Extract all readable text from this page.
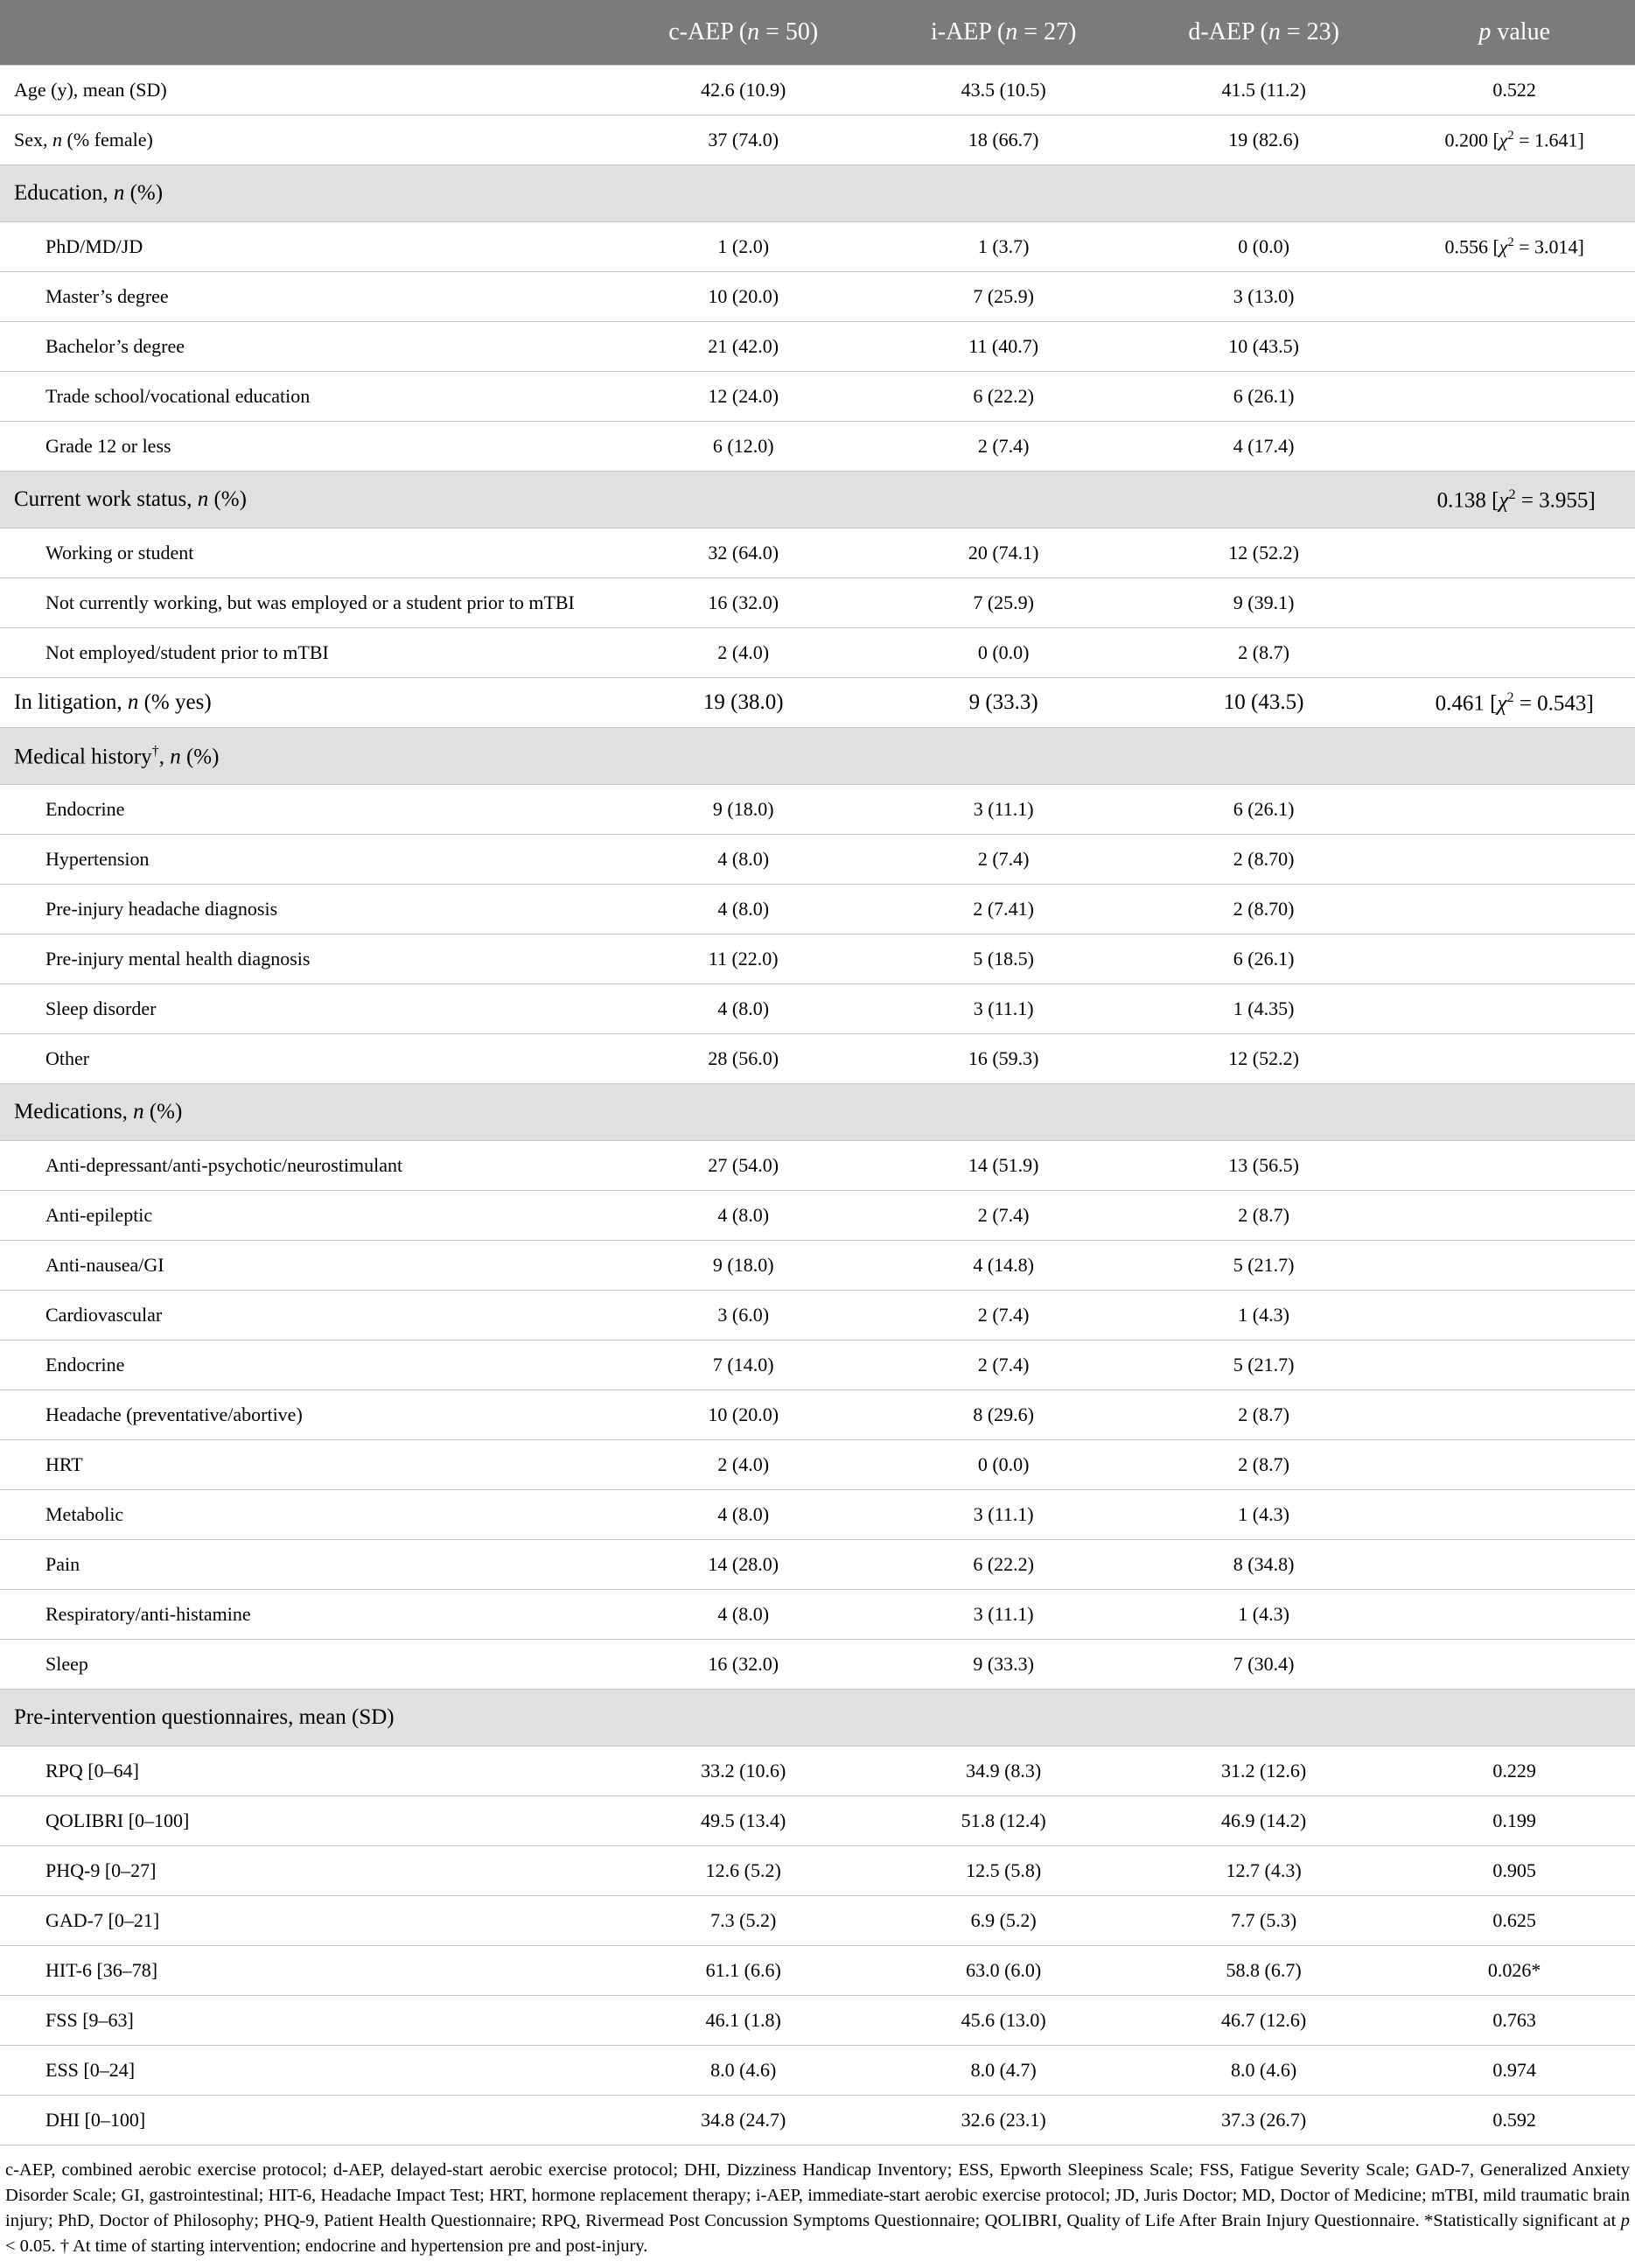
	c-AEP (n = 50)	i-AEP (n = 27)	d-AEP (n = 23)	p value
Age (y), mean (SD)	42.6 (10.9)	43.5 (10.5)	41.5 (11.2)	0.522
Sex, n (% female)	37 (74.0)	18 (66.7)	19 (82.6)	0.200 $[\chi^2 = 1.641]$
Education, n (%)				
PhD/MD/JD	1 (2.0)	1 (3.7)	0 (0.0)	0.556 $[\chi^2 = 3.014]$
Master’s degree	10 (20.0)	7 (25.9)	3 (13.0)	
Bachelor’s degree	21 (42.0)	11 (40.7)	10 (43.5)	
Trade school/vocational education	12 (24.0)	6 (22.2)	6 (26.1)	
Grade 12 or less	6 (12.0)	2 (7.4)	4 (17.4)	
Current work status, n (%)				0.138 $[\chi^2 = 3.955]$
Working or student	32 (64.0)	20 (74.1)	12 (52.2)	
Not currently working, but was employed or a student prior to mTBI	16 (32.0)	7 (25.9)	9 (39.1)	
Not employed/student prior to mTBI	2 (4.0)	0 (0.0)	2 (8.7)	
In litigation, n (% yes)	19 (38.0)	9 (33.3)	10 (43.5)	0.461 $[\chi^2 = 0.543]$
Medical history†, n (%)				
Endocrine	9 (18.0)	3 (11.1)	6 (26.1)	
Hypertension	4 (8.0)	2 (7.4)	2 (8.70)	
Pre-injury headache diagnosis	4 (8.0)	2 (7.41)	2 (8.70)	
Pre-injury mental health diagnosis	11 (22.0)	5 (18.5)	6 (26.1)	
Sleep disorder	4 (8.0)	3 (11.1)	1 (4.35)	
Other	28 (56.0)	16 (59.3)	12 (52.2)	
Medications, n (%)				
Anti-depressant/anti-psychotic/neurostimulant	27 (54.0)	14 (51.9)	13 (56.5)	
Anti-epileptic	4 (8.0)	2 (7.4)	2 (8.7)	
Anti-nausea/GI	9 (18.0)	4 (14.8)	5 (21.7)	
Cardiovascular	3 (6.0)	2 (7.4)	1 (4.3)	
Endocrine	7 (14.0)	2 (7.4)	5 (21.7)	
Headache (preventative/abortive)	10 (20.0)	8 (29.6)	2 (8.7)	
HRT	2 (4.0)	0 (0.0)	2 (8.7)	
Metabolic	4 (8.0)	3 (11.1)	1 (4.3)	
Pain	14 (28.0)	6 (22.2)	8 (34.8)	
Respiratory/anti-histamine	4 (8.0)	3 (11.1)	1 (4.3)	
Sleep	16 (32.0)	9 (33.3)	7 (30.4)	
Pre-intervention questionnaires, mean (SD)				
RPQ [0–64]	33.2 (10.6)	34.9 (8.3)	31.2 (12.6)	0.229
QOLIBRI [0–100]	49.5 (13.4)	51.8 (12.4)	46.9 (14.2)	0.199
PHQ-9 [0–27]	12.6 (5.2)	12.5 (5.8)	12.7 (4.3)	0.905
GAD-7 [0–21]	7.3 (5.2)	6.9 (5.2)	7.7 (5.3)	0.625
HIT-6 [36–78]	61.1 (6.6)	63.0 (6.0)	58.8 (6.7)	0.026*
FSS [9–63]	46.1 (1.8)	45.6 (13.0)	46.7 (12.6)	0.763
ESS [0–24]	8.0 (4.6)	8.0 (4.7)	8.0 (4.6)	0.974
DHI [0–100]	34.8 (24.7)	32.6 (23.1)	37.3 (26.7)	0.592
c-AEP, combined aerobic exercise protocol; d-AEP, delayed-start aerobic exercise protocol; DHI, Dizziness Handicap Inventory; ESS, Epworth Sleepiness Scale; FSS, Fatigue Severity Scale; GAD-7, Generalized Anxiety Disorder Scale; GI, gastrointestinal; HIT-6, Headache Impact Test; HRT, hormone replacement therapy; i-AEP, immediate-start aerobic exercise protocol; JD, Juris Doctor; MD, Doctor of Medicine; mTBI, mild traumatic brain injury; PhD, Doctor of Philosophy; PHQ-9, Patient Health Questionnaire; RPQ, Rivermead Post Concussion Symptoms Questionnaire; QOLIBRI, Quality of Life After Brain Injury Questionnaire. *Statistically significant at p < 0.05. † At time of starting intervention; endocrine and hypertension pre and post-injury.
